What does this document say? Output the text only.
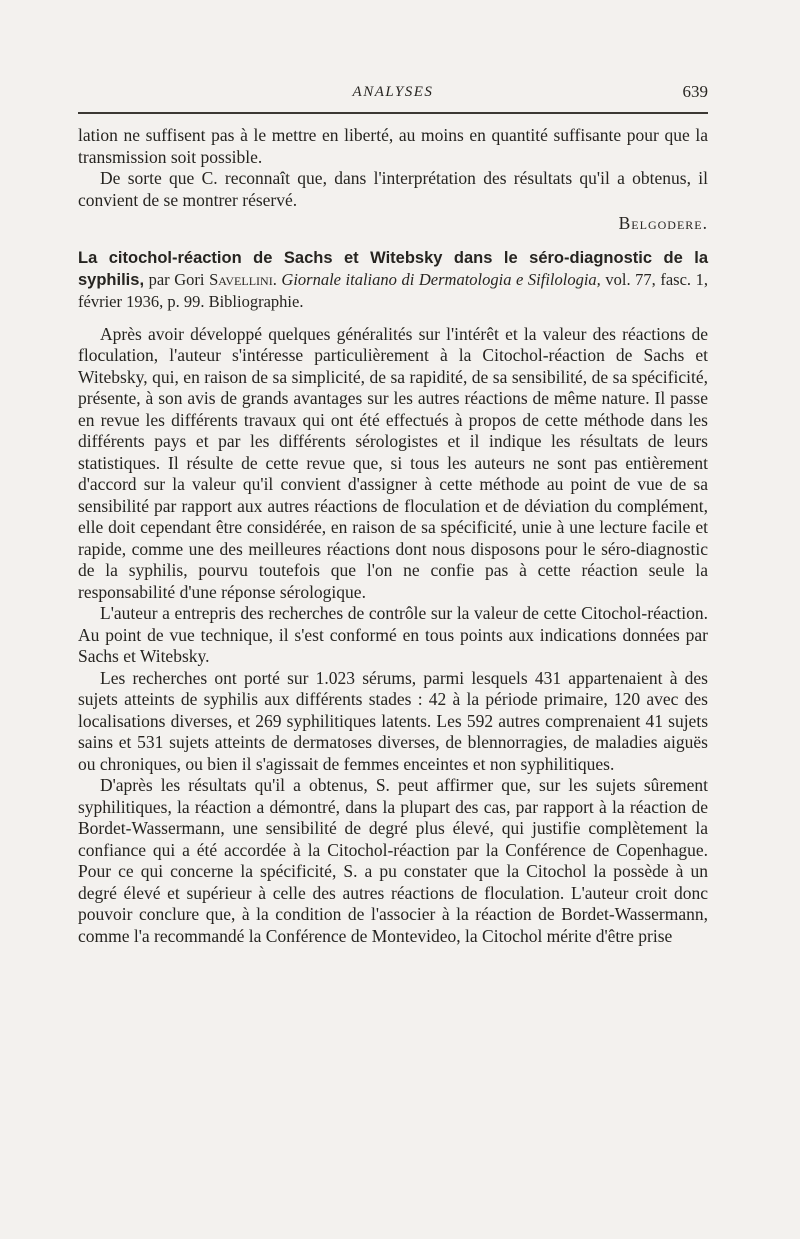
ANALYSES	639

lation ne suffisent pas à le mettre en liberté, au moins en quantité suffisante pour que la transmission soit possible.

De sorte que C. reconnaît que, dans l'interprétation des résultats qu'il a obtenus, il convient de se montrer réservé.

Belgodere.

La citochol-réaction de Sachs et Witebsky dans le séro-diagnostic de la syphilis, par Gori Savellini. Giornale italiano di Dermatologia e Sifilologia, vol. 77, fasc. 1, février 1936, p. 99. Bibliographie.

Après avoir développé quelques généralités sur l'intérêt et la valeur des réactions de floculation, l'auteur s'intéresse particulièrement à la Citochol-réaction de Sachs et Witebsky, qui, en raison de sa simplicité, de sa rapidité, de sa sensibilité, de sa spécificité, présente, à son avis de grands avantages sur les autres réactions de même nature. Il passe en revue les différents travaux qui ont été effectués à propos de cette méthode dans les différents pays et par les différents sérologistes et il indique les résultats de leurs statistiques. Il résulte de cette revue que, si tous les auteurs ne sont pas entièrement d'accord sur la valeur qu'il convient d'assigner à cette méthode au point de vue de sa sensibilité par rapport aux autres réactions de floculation et de déviation du complément, elle doit cependant être considérée, en raison de sa spécificité, unie à une lecture facile et rapide, comme une des meilleures réactions dont nous disposons pour le séro-diagnostic de la syphilis, pourvu toutefois que l'on ne confie pas à cette réaction seule la responsabilité d'une réponse sérologique.

L'auteur a entrepris des recherches de contrôle sur la valeur de cette Citochol-réaction. Au point de vue technique, il s'est conformé en tous points aux indications données par Sachs et Witebsky.

Les recherches ont porté sur 1.023 sérums, parmi lesquels 431 appartenaient à des sujets atteints de syphilis aux différents stades : 42 à la période primaire, 120 avec des localisations diverses, et 269 syphilitiques latents. Les 592 autres comprenaient 41 sujets sains et 531 sujets atteints de dermatoses diverses, de blennorragies, de maladies aiguës ou chroniques, ou bien il s'agissait de femmes enceintes et non syphilitiques.

D'après les résultats qu'il a obtenus, S. peut affirmer que, sur les sujets sûrement syphilitiques, la réaction a démontré, dans la plupart des cas, par rapport à la réaction de Bordet-Wassermann, une sensibilité de degré plus élevé, qui justifie complètement la confiance qui a été accordée à la Citochol-réaction par la Conférence de Copenhague. Pour ce qui concerne la spécificité, S. a pu constater que la Citochol la possède à un degré élevé et supérieur à celle des autres réactions de floculation. L'auteur croit donc pouvoir conclure que, à la condition de l'associer à la réaction de Bordet-Wassermann, comme l'a recommandé la Conférence de Montevideo, la Citochol mérite d'être prise
